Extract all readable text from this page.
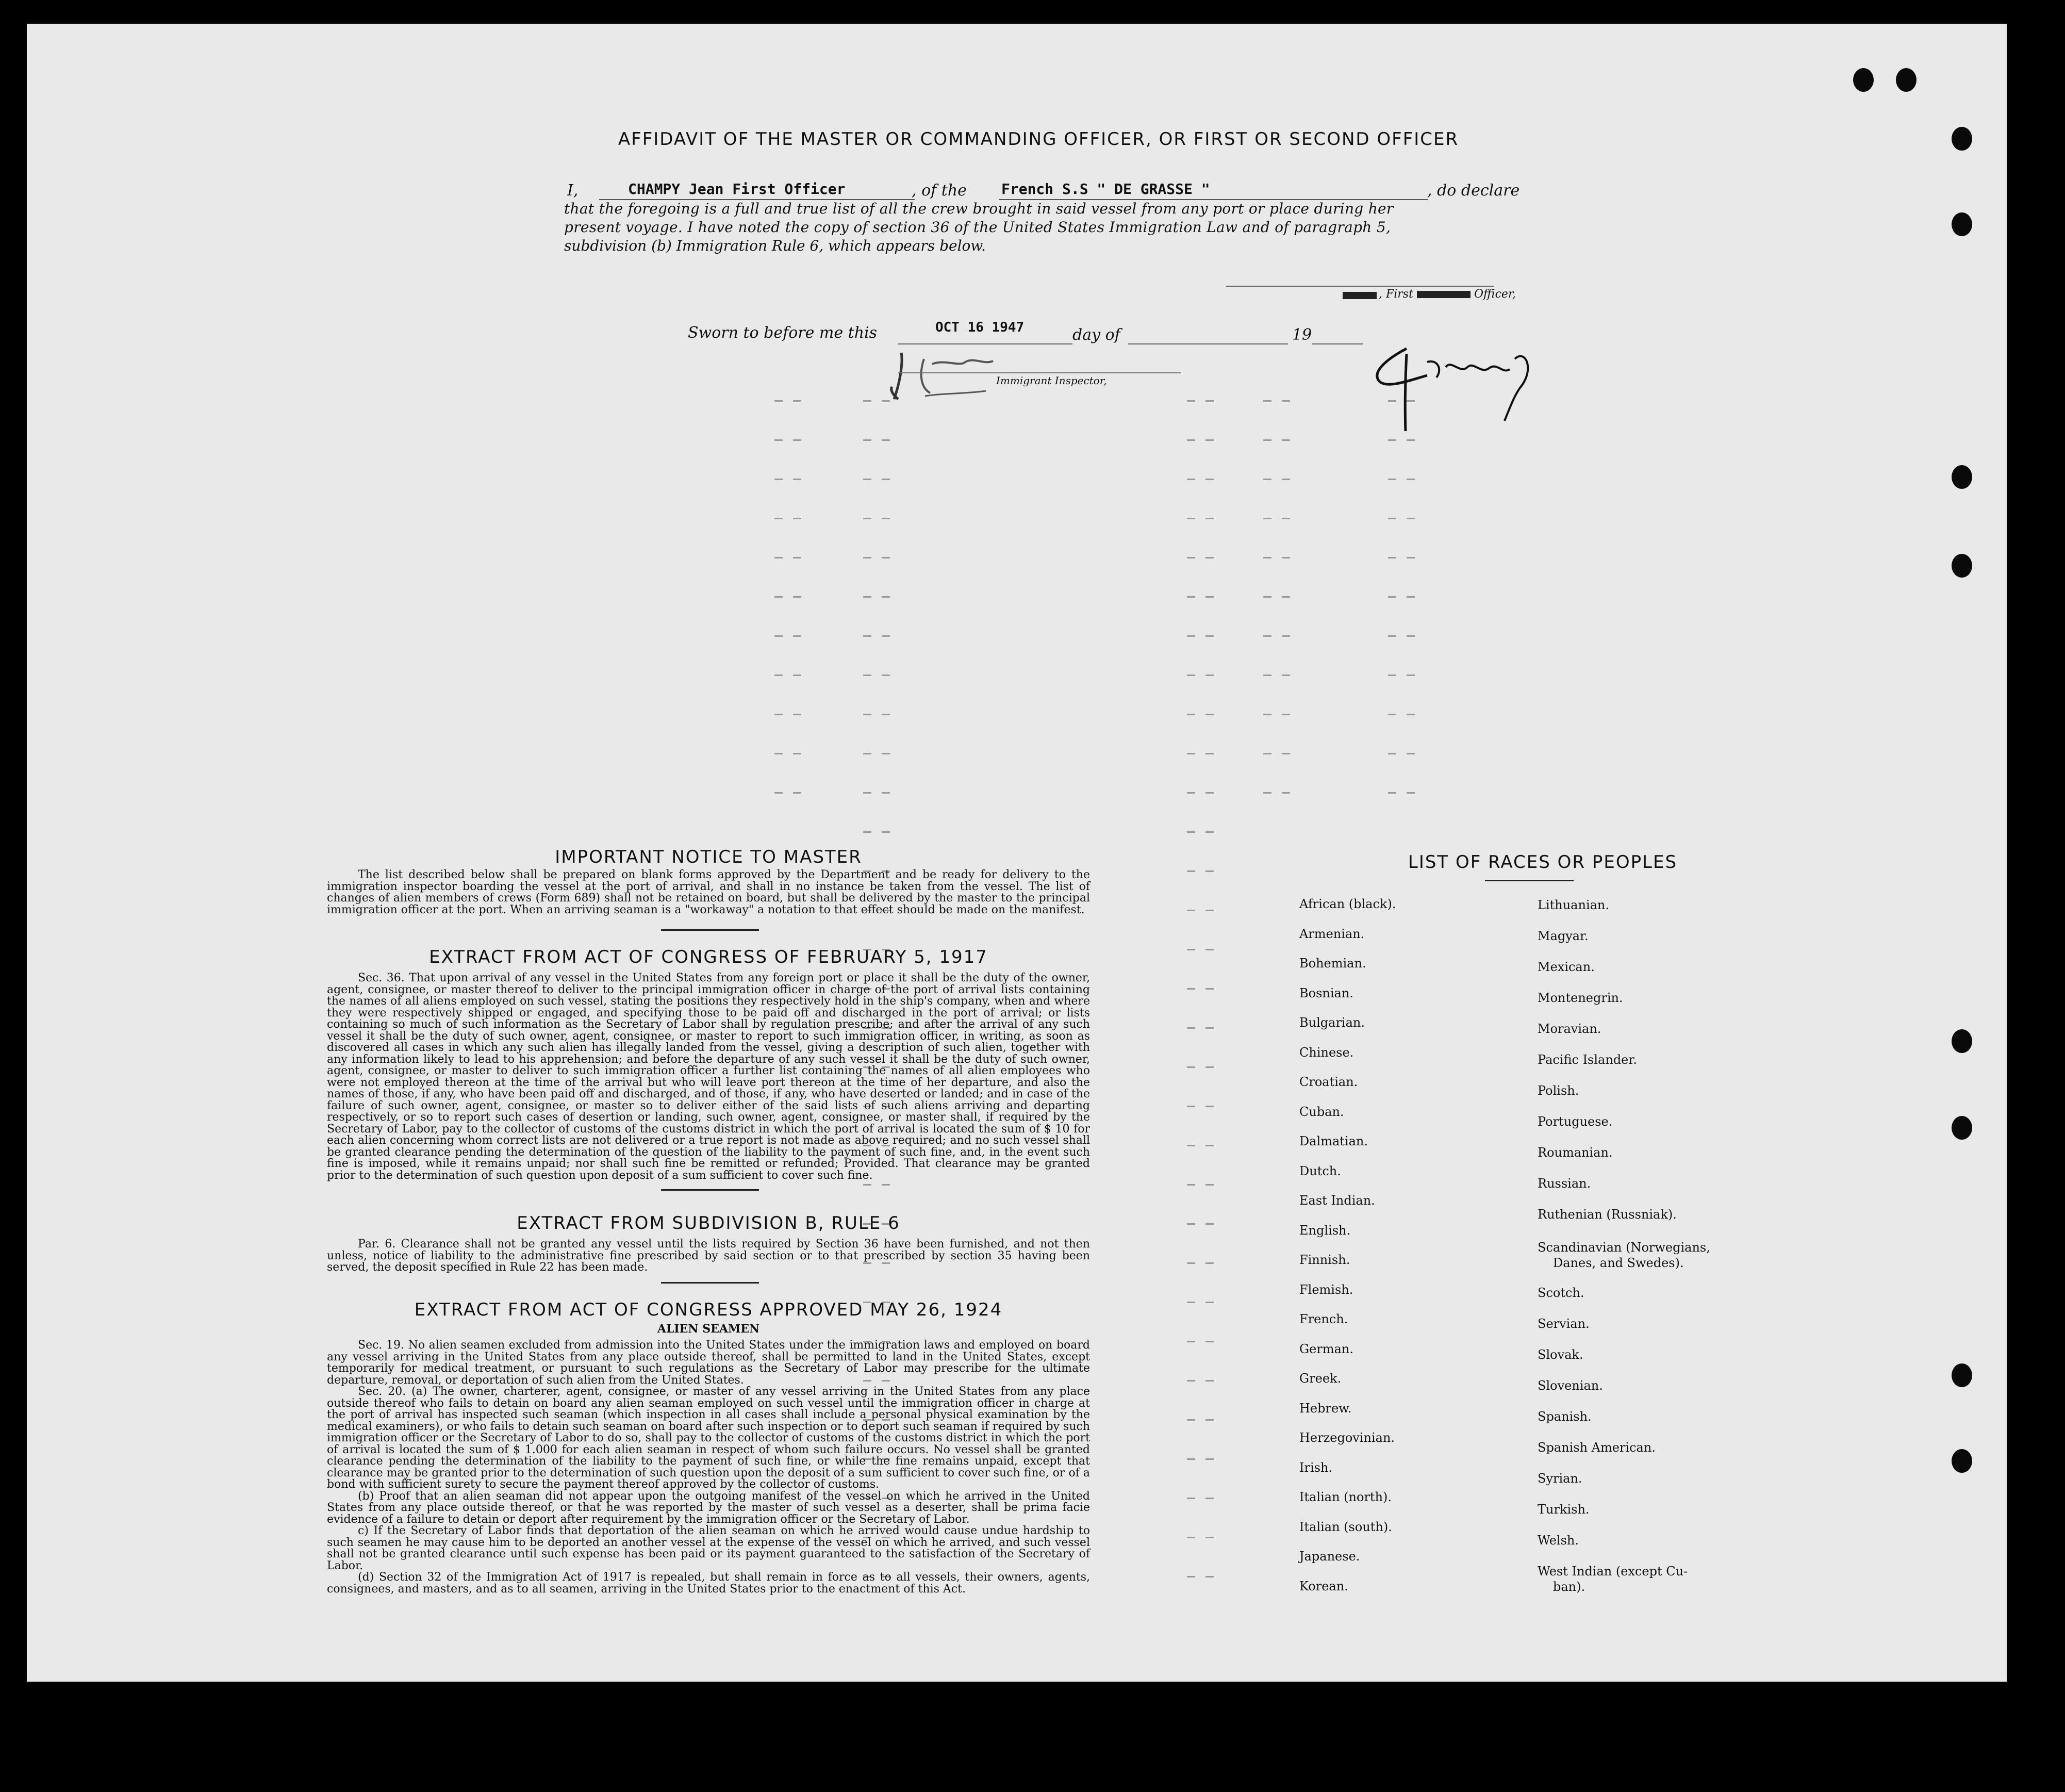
AFFIDAVIT OF THE MASTER OR COMMANDING OFFICER, OR FIRST OR SECOND OFFICER
I,	CHAMPY Jean First Officer	, of the French S.S " DE GRASSE "	, do declare
that the foregoing is a full and true list of all the crew brought in said vessel from any port or place during her
present voyage. I have noted the copy of section 36 of the United States Immigration Law and of paragraph 5,
subdivision (b) Immigration Rule 6, which appears below.
, First	Officer,
Sworn to before me this	OCT 16 1947	day of	19
Immigrant Inspector,
IMPORTANT NOTICE TO MASTER

The list described below shall be prepared on blank forms approved by the Department and be ready for delivery to the immigration inspector boarding the vessel at the port of arrival, and shall in no instance be taken from the vessel. The list of changes of alien members of crews (Form 689) shall not be retained on board, but shall be delivered by the master to the principal immigration officer at the port. When an arriving seaman is a "workaway" a notation to that effect should be made on the manifest.

EXTRACT FROM ACT OF CONGRESS OF FEBRUARY 5, 1917

Sec. 36. That upon arrival of any vessel in the United States from any foreign port or place it shall be the duty of the owner, agent, consignee, or master thereof to deliver to the principal immigration officer in charge of the port of arrival lists containing the names of all aliens employed on such vessel, stating the positions they respectively hold in the ship's company, when and where they were respectively shipped or engaged, and specifying those to be paid off and discharged in the port of arrival; or lists containing so much of such information as the Secretary of Labor shall by regulation prescribe; and after the arrival of any such vessel it shall be the duty of such owner, agent, consignee, or master to report to such immigration officer, in writing, as soon as discovered all cases in which any such alien has illegally landed from the vessel, giving a description of such alien, together with any information likely to lead to his apprehension; and before the departure of any such vessel it shall be the duty of such owner, agent, consignee, or master to deliver to such immigration officer a further list containing the names of all alien employees who were not employed thereon at the time of the arrival but who will leave port thereon at the time of her departure, and also the names of those, if any, who have been paid off and discharged, and of those, if any, who have deserted or landed; and in case of the failure of such owner, agent, consignee, or master so to deliver either of the said lists of such aliens arriving and departing respectively, or so to report such cases of desertion or landing, such owner, agent, consignee, or master shall, if required by the Secretary of Labor, pay to the collector of customs of the customs district in which the port of arrival is located the sum of $ 10 for each alien concerning whom correct lists are not delivered or a true report is not made as above required; and no such vessel shall be granted clearance pending the determination of the question of the liability to the payment of such fine, and, in the event such fine is imposed, while it remains unpaid; nor shall such fine be remitted or refunded; Provided. That clearance may be granted prior to the determination of such question upon deposit of a sum sufficient to cover such fine.

EXTRACT FROM SUBDIVISION B, RULE 6

Par. 6. Clearance shall not be granted any vessel until the lists required by Section 36 have been furnished, and not then unless, notice of liability to the administrative fine prescribed by said section or to that prescribed by section 35 having been served, the deposit specified in Rule 22 has been made.

EXTRACT FROM ACT OF CONGRESS APPROVED MAY 26, 1924
ALIEN SEAMEN

Sec. 19. No alien seamen excluded from admission into the United States under the immigration laws and employed on board any vessel arriving in the United States from any place outside thereof, shall be permitted to land in the United States, except temporarily for medical treatment, or pursuant to such regulations as the Secretary of Labor may prescribe for the ultimate departure, removal, or deportation of such alien from the United States.

Sec. 20. (a) The owner, charterer, agent, consignee, or master of any vessel arriving in the United States from any place outside thereof who fails to detain on board any alien seaman employed on such vessel until the immigration officer in charge at the port of arrival has inspected such seaman (which inspection in all cases shall include a personal physical examination by the medical examiners), or who fails to detain such seaman on board after such inspection or to deport such seaman if required by such immigration officer or the Secretary of Labor to do so, shall pay to the collector of customs of the customs district in which the port of arrival is located the sum of $ 1.000 for each alien seaman in respect of whom such failure occurs. No vessel shall be granted clearance pending the determination of the liability to the payment of such fine, or while the fine remains unpaid, except that clearance may be granted prior to the determination of such question upon the deposit of a sum sufficient to cover such fine, or of a bond with sufficient surety to secure the payment thereof approved by the collector of customs.

(b) Proof that an alien seaman did not appear upon the outgoing manifest of the vessel on which he arrived in the United States from any place outside thereof, or that he was reported by the master of such vessel as a deserter, shall be prima facie evidence of a failure to detain or deport after requirement by the immigration officer or the Secretary of Labor.

c) If the Secretary of Labor finds that deportation of the alien seaman on which he arrived would cause undue hardship to such seamen he may cause him to be deported an another vessel at the expense of the vessel on which he arrived, and such vessel shall not be granted clearance until such expense has been paid or its payment guaranteed to the satisfaction of the Secretary of Labor.

(d) Section 32 of the Immigration Act of 1917 is repealed, but shall remain in force as to all vessels, their owners, agents, consignees, and masters, and as to all seamen, arriving in the United States prior to the enactment of this Act.

LIST OF RACES OR PEOPLES
African (black).
Armenian.
Bohemian.
Bosnian.
Bulgarian.
Chinese.
Croatian.
Cuban.
Dalmatian.
Dutch.
East Indian.
English.
Finnish.
Flemish.
French.
German.
Greek.
Hebrew.
Herzegovinian.
Irish.
Italian (north).
Italian (south).
Japanese.
Korean.
Lithuanian.
Magyar.
Mexican.
Montenegrin.
Moravian.
Pacific Islander.
Polish.
Portuguese.
Roumanian.
Russian.
Ruthenian (Russniak).
Scandinavian (Norwegians,
Danes, and Swedes).
Scotch.
Servian.
Slovak.
Slovenian.
Spanish.
Spanish American.
Syrian.
Turkish.
Welsh.
West Indian (except Cu-
ban).
